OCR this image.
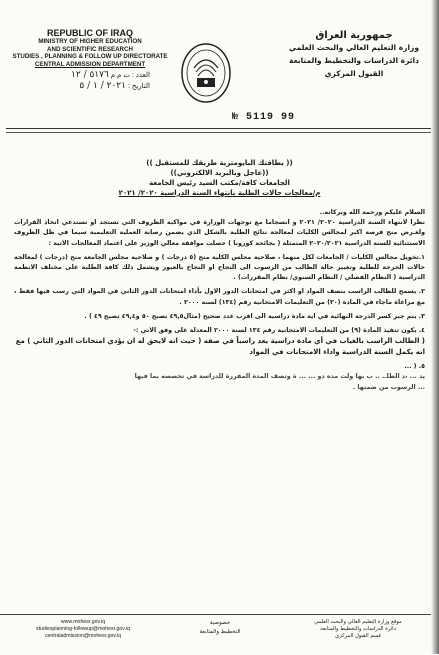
REPUBLIC OF IRAQ
MINISTRY OF HIGHER EDUCATION
AND SCIENTIFIC RESEARCH
STUDIES , PLANNING & FOLLOW UP DIRECTORATE
CENTRAL ADMISSION DEPARTMENT
العدد : ت م م ٥١٧٦ / ١٢
التاريخ : ٢٠٢١ / ١ / ٥
جمهورية العراق
وزارة التعليم العالي والبحث العلمي
دائرة الدراسات والتخطيط والمتابعة
القبول المركزي
№ 5119 99
(( بطاقتك البايومترية طريقك للمستقبل ))
((عاجل وبالبريد الالكتروني))
الجامعات كافة/مكتب السيد رئيس الجامعة
م/معالجات حالات الطلبة بانتهاء السنة الدراسية ٢٠٢٠/ ٢٠٢١
السلام عليكم ورحمة الله وبركاته..
نظرا لانتهاء السنة الدراسية ٢٠٢٠/ ٢٠٢١ و انسجاما مع توجهات الوزارة في مواكبة الظروف التي تستجد او تستدعي اتخاذ القرارات ولغـرض منح فرصة اكبر لمجالس الكليات لمعالجة نتائج الطلبة بالشكل الذي يضمن رصانة العملية التعليمية سيما في ظل الظروف الاستثنائية للسنة الدراسية ٢٠٢٠/٢٠٢١ المتمثلة ( بجائحة كورونا ) حصلت موافقة معالي الوزير على اعتماد المعالجات الاتية :
١.تخويل مجالس الكليات / الجامعات لكل منهما ، صلاحية مجلس الكلية منح (٥ درجات ) و صلاحية مجلس الجامعة منح (درجات ) لمعالجة حالات الحرجة للطلبة وتغيير حالة الطالب من الرسوب الى النجاح او النجاح بالعبور ويشمل ذلك كافة الطلبة على مختلف الانظمة الدراسية ( النظام الفصلي / النظام السنوي/ نظام المقررات) .
٢. يسمح للطالب الراسب بنصف المواد او اكثر في امتحانات الدور الاول بأداء امتحانات الدور الثاني في المواد التي رسب فيها فقط ، مع مراعاة ماجاء في المادة (٢٠) من التعليمات الامتحانية رقم (١٣٤) لسنة ٢٠٠٠ .
٣. يتم جبر كسر الدرجة النهائية في اية مادة دراسية الى اقرب عدد صحيح (مثال٤٩,٥ تصبح ٥٠ و٤٩,٤ تصبح ٤٩ ) .
٤. يكون تنفيذ المادة (٩) من التعليمات الامتحانية رقم ١٣٤ لسنة ٢٠٠٠ المعدلة على وفق الاتي :-
( الطالب الراسب بالغياب في أي مادة دراسية يعد راسباً في صفه ( حيث انه لايحق له ان يؤدي امتحانات الدور الثاني ) مع انه يكمل السنة الدراسية واداء الامتحانات في المواد
٥. ( ...
يد ... ،د الطاـ. .. ب بها ولت مده دو ... ... ة وتصف المدة المقررة للدراسة في تخصصه بما فيها
... الرسوب من ضمنها .
www.mohesr.gov.iq
studiesplanning-followup@mohesr.gov.iq
centraladmission@mohesr.gov.iq
خصوصية
التخطيط والمتابعة
موقع وزارة التعليم العالي والبحث العلمي
دائرة الدراسات والتخطيط والمتابعة
قسم القبول المركزي
